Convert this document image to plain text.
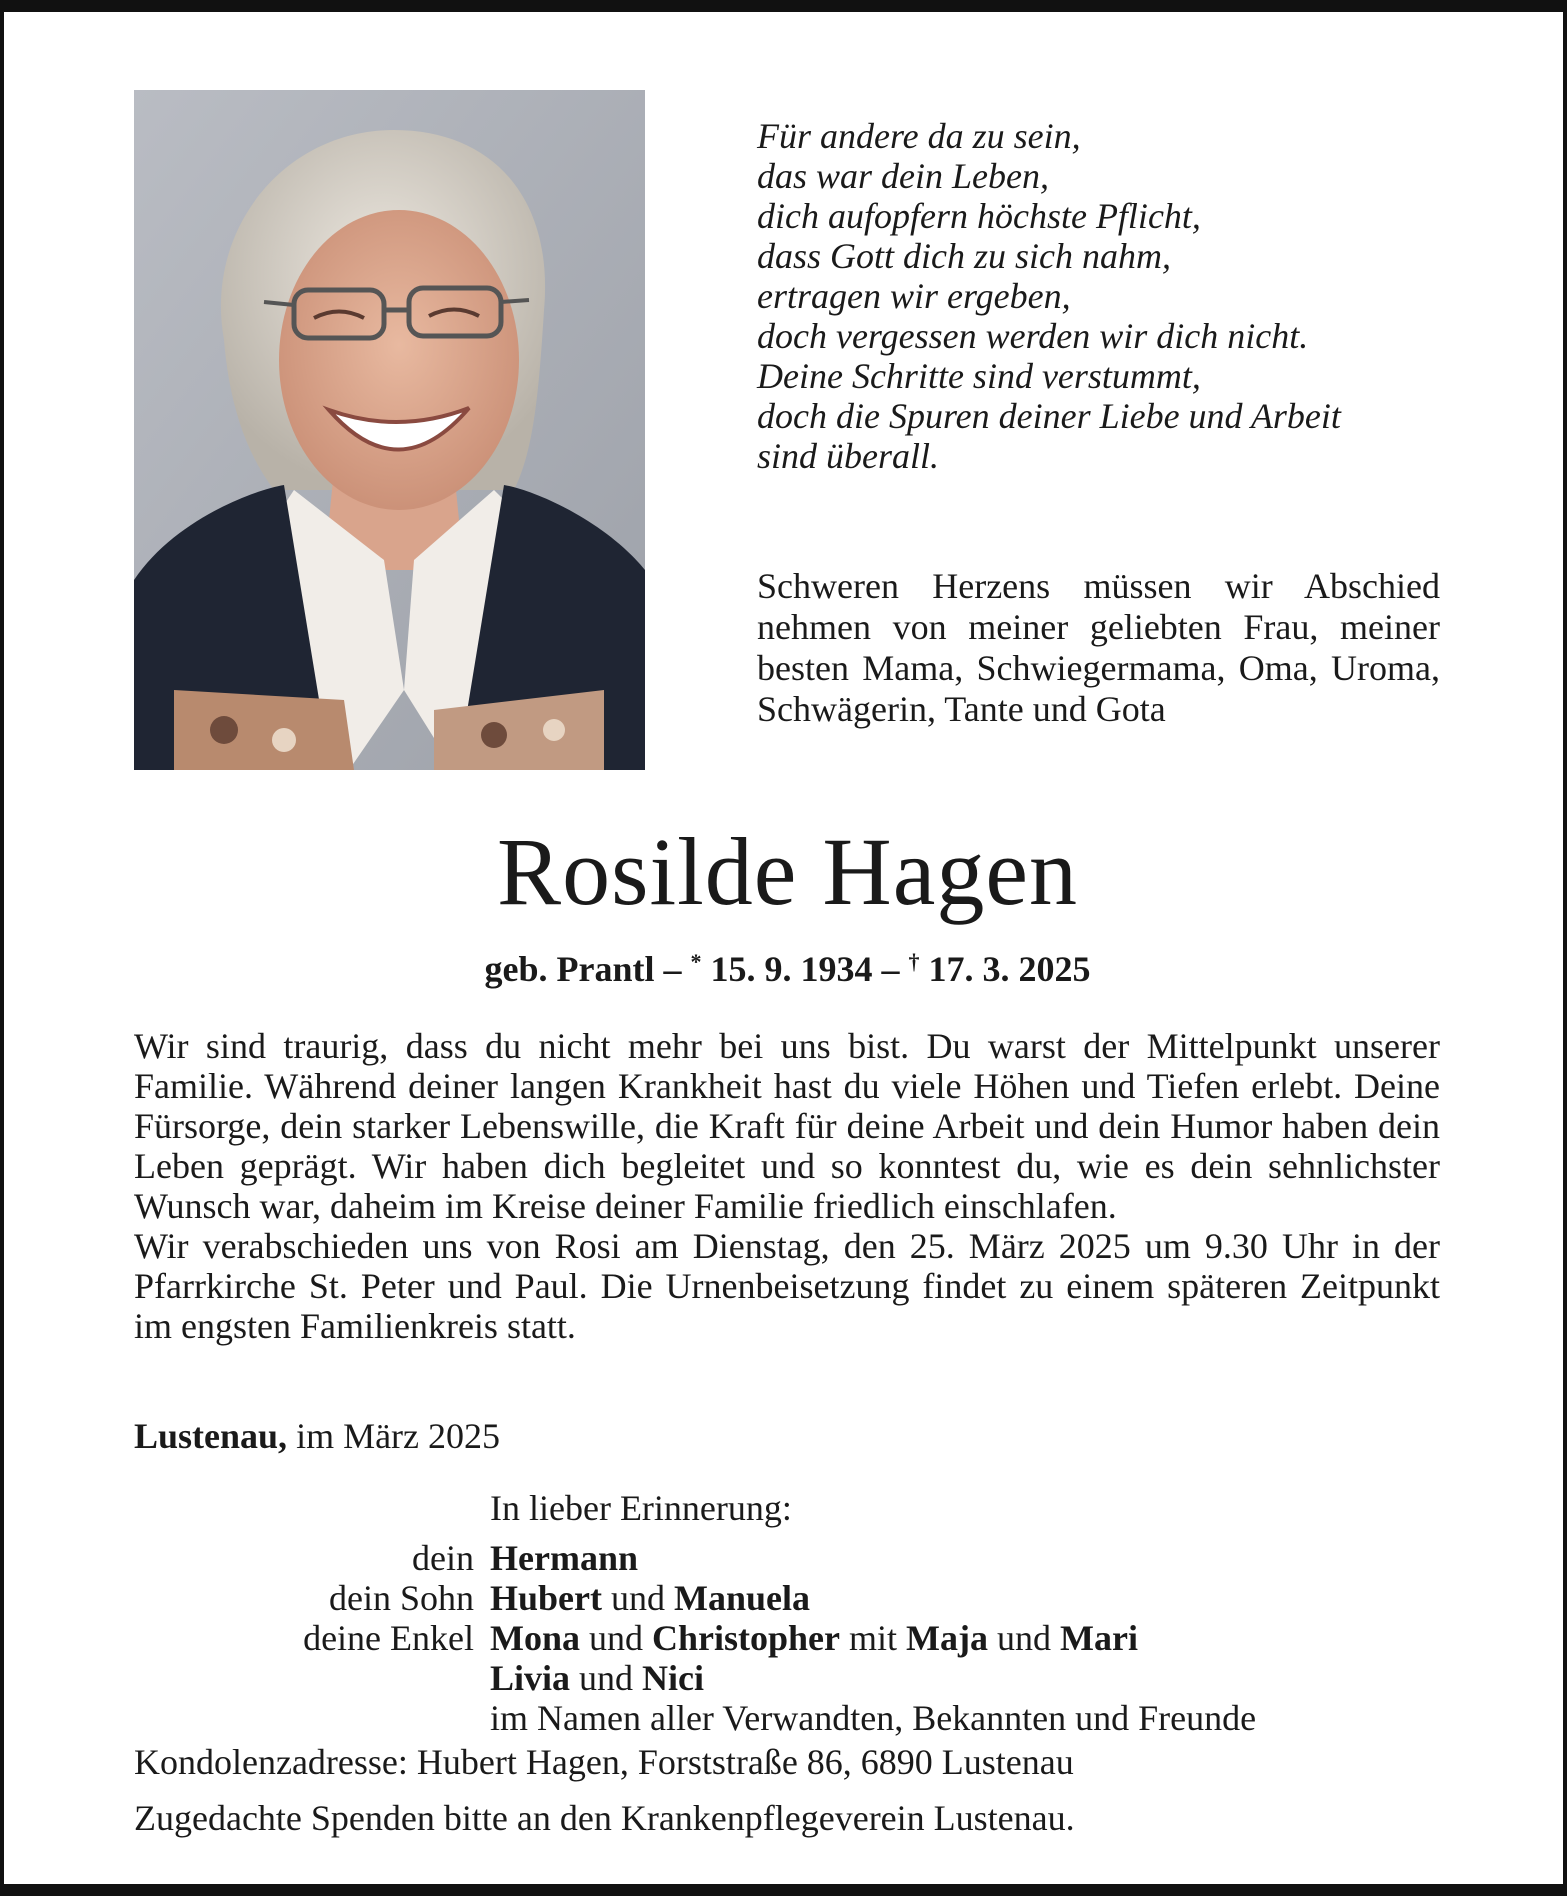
Für andere da zu sein,
das war dein Leben,
dich aufopfern höchste Pflicht,
dass Gott dich zu sich nahm,
ertragen wir ergeben,
doch vergessen werden wir dich nicht.
Deine Schritte sind verstummt,
doch die Spuren deiner Liebe und Arbeit
sind überall.
Schweren Herzens müssen wir Abschied nehmen von meiner geliebten Frau, meiner besten Mama, Schwiegermama, Oma, Uroma, Schwägerin, Tante und Gota
Rosilde Hagen
geb. Prantl – * 15. 9. 1934 – † 17. 3. 2025

Wir sind traurig, dass du nicht mehr bei uns bist. Du warst der Mittelpunkt unserer Familie. Während deiner langen Krankheit hast du viele Höhen und Tiefen erlebt. Deine Fürsorge, dein starker Lebenswille, die Kraft für deine Arbeit und dein Humor haben dein Leben geprägt. Wir haben dich begleitet und so konntest du, wie es dein sehnlichster Wunsch war, daheim im Kreise deiner Familie friedlich einschlafen.

Wir verabschieden uns von Rosi am Dienstag, den 25. März 2025 um 9.30 Uhr in der Pfarrkirche St. Peter und Paul. Die Urnenbeisetzung findet zu einem späteren Zeitpunkt im engsten Familienkreis statt.

Lustenau, im März 2025
In lieber Erinnerung:
dein Hermann
dein Sohn Hubert und Manuela
deine Enkel Mona und Christopher mit Maja und Mari
Livia und Nici
im Namen aller Verwandten, Bekannten und Freunde
Kondolenzadresse: Hubert Hagen, Forststraße 86, 6890 Lustenau
Zugedachte Spenden bitte an den Krankenpflegeverein Lustenau.
